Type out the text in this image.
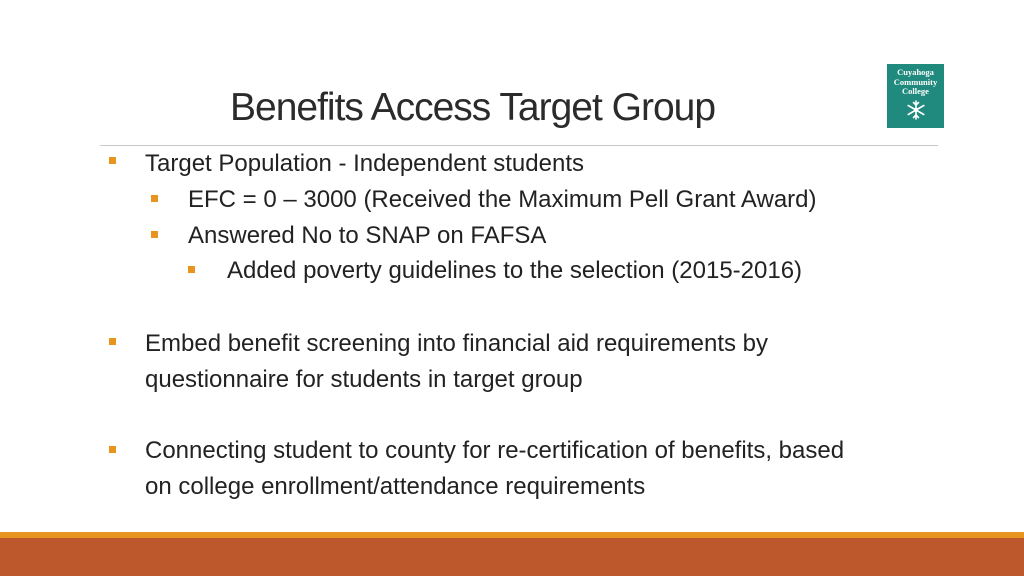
Benefits Access Target Group
Cuyahoga
Community
College
Target Population - Independent students
EFC = 0 – 3000 (Received the Maximum Pell Grant Award)
Answered No to SNAP on FAFSA
Added poverty guidelines to the selection (2015-2016)
Embed benefit screening into financial aid requirements by
questionnaire for students in target group
Connecting student to county for re-certification of benefits, based
on college enrollment/attendance requirements
